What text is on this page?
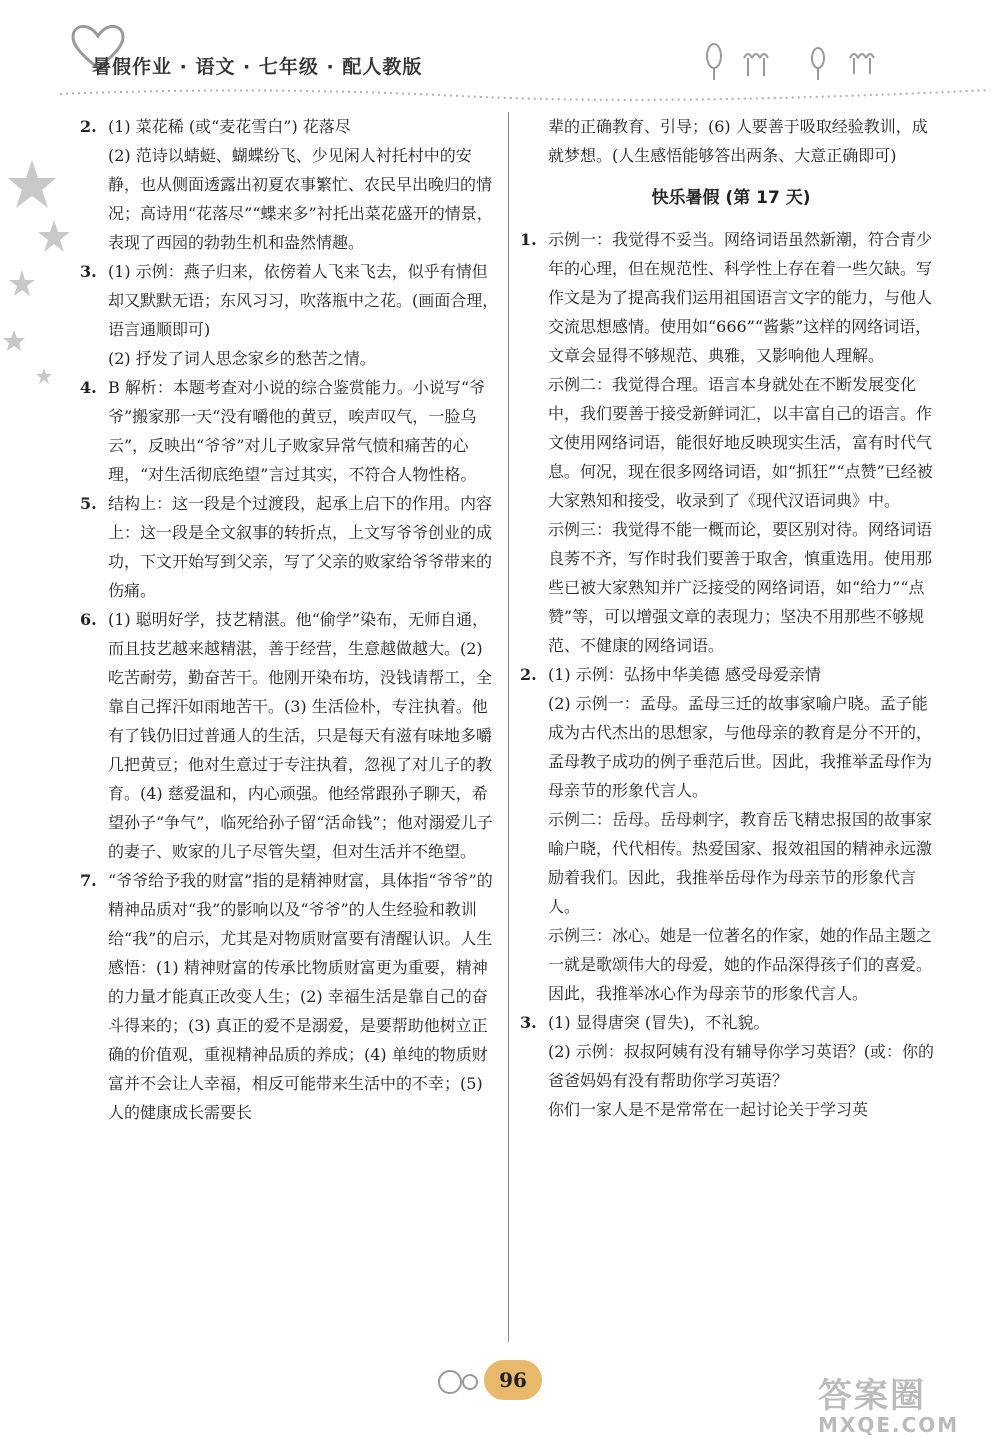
暑假作业 · 语文 · 七年级 · 配人教版
2. (1) 菜花稀 (或“麦花雪白”) 花落尽
(2) 范诗以蜻蜓、蝴蝶纷飞、少见闲人衬托村中的安静，也从侧面透露出初夏农事繁忙、农民早出晚归的情况；高诗用“花落尽”“蝶来多”衬托出菜花盛开的情景，表现了西园的勃勃生机和盎然情趣。
3. (1) 示例：燕子归来，依傍着人飞来飞去，似乎有情但却又默默无语；东风习习，吹落瓶中之花。(画面合理，语言通顺即可)
(2) 抒发了词人思念家乡的愁苦之情。
4. B 解析：本题考查对小说的综合鉴赏能力。小说写“爷爷”搬家那一天“没有嚼他的黄豆，唉声叹气，一脸乌云”，反映出“爷爷”对儿子败家异常气愤和痛苦的心理，“对生活彻底绝望”言过其实，不符合人物性格。
5. 结构上：这一段是个过渡段，起承上启下的作用。内容上：这一段是全文叙事的转折点，上文写爷爷创业的成功，下文开始写到父亲，写了父亲的败家给爷爷带来的伤痛。
6. (1) 聪明好学，技艺精湛。他“偷学”染布，无师自通，而且技艺越来越精湛，善于经营，生意越做越大。(2) 吃苦耐劳，勤奋苦干。他刚开染布坊，没钱请帮工，全靠自己挥汗如雨地苦干。(3) 生活俭朴，专注执着。他有了钱仍旧过普通人的生活，只是每天有滋有味地多嚼几把黄豆；他对生意过于专注执着，忽视了对儿子的教育。(4) 慈爱温和，内心顽强。他经常跟孙子聊天，希望孙子“争气”，临死给孙子留“活命钱”；他对溺爱儿子的妻子、败家的儿子尽管失望，但对生活并不绝望。
7. “爷爷给予我的财富”指的是精神财富，具体指“爷爷”的精神品质对“我”的影响以及“爷爷”的人生经验和教训给“我”的启示，尤其是对物质财富要有清醒认识。人生感悟：(1) 精神财富的传承比物质财富更为重要，精神的力量才能真正改变人生；(2) 幸福生活是靠自己的奋斗得来的；(3) 真正的爱不是溺爱，是要帮助他树立正确的价值观，重视精神品质的养成；(4) 单纯的物质财富并不会让人幸福，相反可能带来生活中的不幸；(5) 人的健康成长需要长
辈的正确教育、引导；(6) 人要善于吸取经验教训，成就梦想。(人生感悟能够答出两条、大意正确即可)
快乐暑假 (第 17 天)
1. 示例一：我觉得不妥当。网络词语虽然新潮，符合青少年的心理，但在规范性、科学性上存在着一些欠缺。写作文是为了提高我们运用祖国语言文字的能力，与他人交流思想感情。使用如“666”“酱紫”这样的网络词语，文章会显得不够规范、典雅，又影响他人理解。
示例二：我觉得合理。语言本身就处在不断发展变化中，我们要善于接受新鲜词汇，以丰富自己的语言。作文使用网络词语，能很好地反映现实生活，富有时代气息。何况，现在很多网络词语，如“抓狂”“点赞”已经被大家熟知和接受，收录到了《现代汉语词典》中。
示例三：我觉得不能一概而论，要区别对待。网络词语良莠不齐，写作时我们要善于取舍，慎重选用。使用那些已被大家熟知并广泛接受的网络词语，如“给力”“点赞”等，可以增强文章的表现力；坚决不用那些不够规范、不健康的网络词语。
2. (1) 示例：弘扬中华美德 感受母爱亲情
(2) 示例一：孟母。孟母三迁的故事家喻户晓。孟子能成为古代杰出的思想家，与他母亲的教育是分不开的，孟母教子成功的例子垂范后世。因此，我推举孟母作为母亲节的形象代言人。
示例二：岳母。岳母刺字，教育岳飞精忠报国的故事家喻户晓，代代相传。热爱国家、报效祖国的精神永远激励着我们。因此，我推举岳母作为母亲节的形象代言人。
示例三：冰心。她是一位著名的作家，她的作品主题之一就是歌颂伟大的母爱，她的作品深得孩子们的喜爱。因此，我推举冰心作为母亲节的形象代言人。
3. (1) 显得唐突 (冒失)，不礼貌。
(2) 示例：叔叔阿姨有没有辅导你学习英语？(或：你的爸爸妈妈有没有帮助你学习英语？
你们一家人是不是常常在一起讨论关于学习英
96	答案圈
MXQE.COM
